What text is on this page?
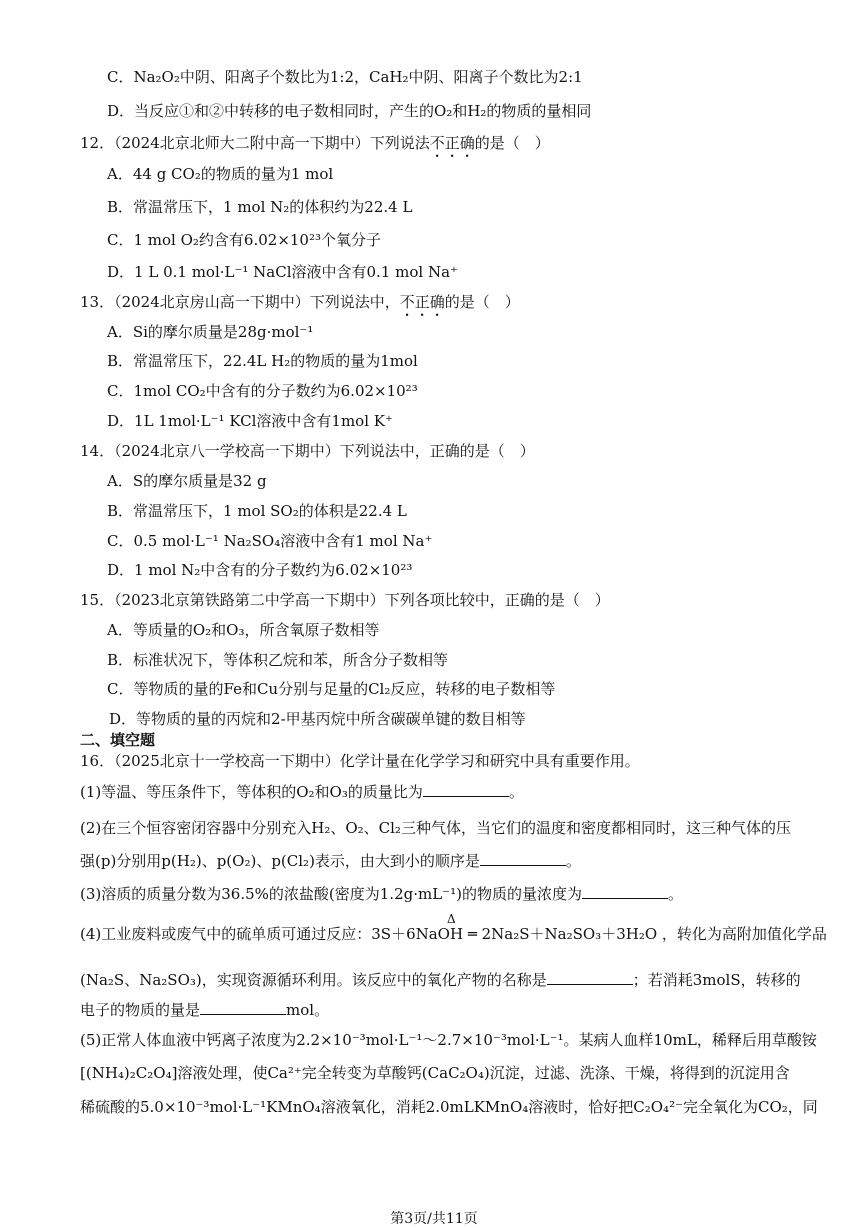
C．Na₂O₂中阴、阳离子个数比为1:2，CaH₂中阴、阳离子个数比为2:1
D．当反应①和②中转移的电子数相同时，产生的O₂和H₂的物质的量相同
12．（2024北京北师大二附中高一下期中）下列说法不正确的是（　）
A．44 g CO₂的物质的量为1 mol
B．常温常压下，1 mol N₂的体积约为22.4 L
C．1 mol O₂约含有6.02×10²³个氧分子
D．1 L 0.1 mol·L⁻¹ NaCl溶液中含有0.1 mol Na⁺
13．（2024北京房山高一下期中）下列说法中，不正确的是（　）
A．Si的摩尔质量是28g·mol⁻¹
B．常温常压下，22.4L H₂的物质的量为1mol
C．1mol CO₂中含有的分子数约为6.02×10²³
D．1L 1mol·L⁻¹ KCl溶液中含有1mol K⁺
14．（2024北京八一学校高一下期中）下列说法中，正确的是（　）
A．S的摩尔质量是32 g
B．常温常压下，1 mol SO₂的体积是22.4 L
C．0.5 mol·L⁻¹ Na₂SO₄溶液中含有1 mol Na⁺
D．1 mol N₂中含有的分子数约为6.02×10²³
15．（2023北京第铁路第二中学高一下期中）下列各项比较中，正确的是（　）
A．等质量的O₂和O₃，所含氧原子数相等
B．标准状况下，等体积乙烷和苯，所含分子数相等
C．等物质的量的Fe和Cu分别与足量的Cl₂反应，转移的电子数相等
D．等物质的量的丙烷和2-甲基丙烷中所含碳碳单键的数目相等
二、填空题
16．（2025北京十一学校高一下期中）化学计量在化学学习和研究中具有重要作用。
(1)等温、等压条件下，等体积的O₂和O₃的质量比为	。
(2)在三个恒容密闭容器中分别充入H₂、O₂、Cl₂三种气体，当它们的温度和密度都相同时，这三种气体的压
强(p)分别用p(H₂)、p(O₂)、p(Cl₂)表示，由大到小的顺序是	。
(3)溶质的质量分数为36.5%的浓盐酸(密度为1.2g·mL⁻¹)的物质的量浓度为	。
Δ
(4)工业废料或废气中的硫单质可通过反应：3S＋6NaOH ═ 2Na₂S＋Na₂SO₃＋3H₂O ，转化为高附加值化学品
(Na₂S、Na₂SO₃)，实现资源循环利用。该反应中的氧化产物的名称是	；若消耗3molS，转移的
电子的物质的量是	mol。
(5)正常人体血液中钙离子浓度为2.2×10⁻³mol·L⁻¹～2.7×10⁻³mol·L⁻¹。某病人血样10mL，稀释后用草酸铵
[(NH₄)₂C₂O₄]溶液处理，使Ca²⁺完全转变为草酸钙(CaC₂O₄)沉淀，过滤、洗涤、干燥，将得到的沉淀用含
稀硫酸的5.0×10⁻³mol·L⁻¹KMnO₄溶液氧化，消耗2.0mLKMnO₄溶液时，恰好把C₂O₄²⁻完全氧化为CO₂，同
第3页/共11页
